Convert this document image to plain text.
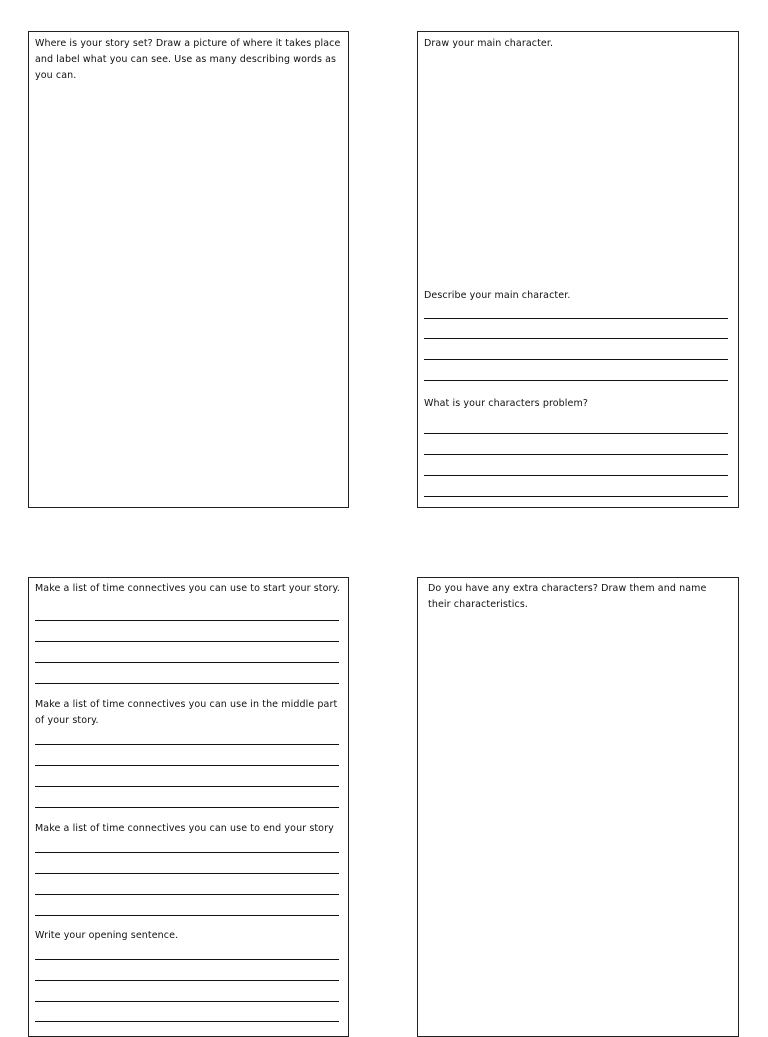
Where is your story set? Draw a picture of where it takes place and label what you can see. Use as many describing words as you can.

Draw your main character.

Describe your main character.

What is your characters problem?

Make a list of time connectives you can use to start your story.

Make a list of time connectives you can use in the middle part of your story.

Make a list of time connectives you can use to end your story

Write your opening sentence.

Do you have any extra characters? Draw them and name their characteristics.
